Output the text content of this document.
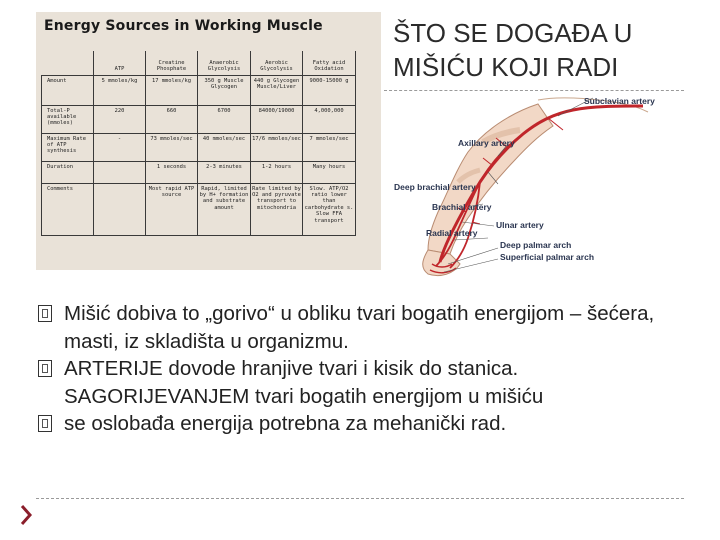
Energy Sources in Working Muscle
	ATP	Creatine Phosphate	Anaerobic Glycolysis	Aerobic Glycolysis	Fatty acid Oxidation
Amount	5 mmoles/kg	17 mmoles/kg	350 g Muscle Glycogen	440 g Glycogen Muscle/Liver	9000-15000 g
Total-P available (mmoles)	220	660	6700	84000/19000	4,000,000
Maximum Rate of ATP synthesis	-	73 mmoles/sec	40 mmoles/sec	17/6 mmoles/sec	7 mmoles/sec
Duration		1 seconds	2-3 minutes	1-2 hours	Many hours
Comments		Most rapid ATP source	Rapid, limited by H+ formation and substrate amount	Rate limited by O2 and pyruvate transport to mitochondria	Slow. ATP/O2 ratio lower than carbohydrate s. Slow FFA transport
ŠTO SE DOGAĐA U MIŠIĆU KOJI RADI
Subclavian artery
Axillary artery
Deep brachial artery
Brachial artery
Ulnar artery
Radial artery
Deep palmar arch
Superficial palmar arch
Mišić dobiva to „gorivo“ u obliku tvari bogatih energijom – šećera, masti, iz skladišta u organizmu.
ARTERIJE dovode hranjive tvari i kisik do stanica. SAGORIJEVANJEM tvari bogatih energijom u mišiću
se oslobađa energija potrebna za mehanički rad.
